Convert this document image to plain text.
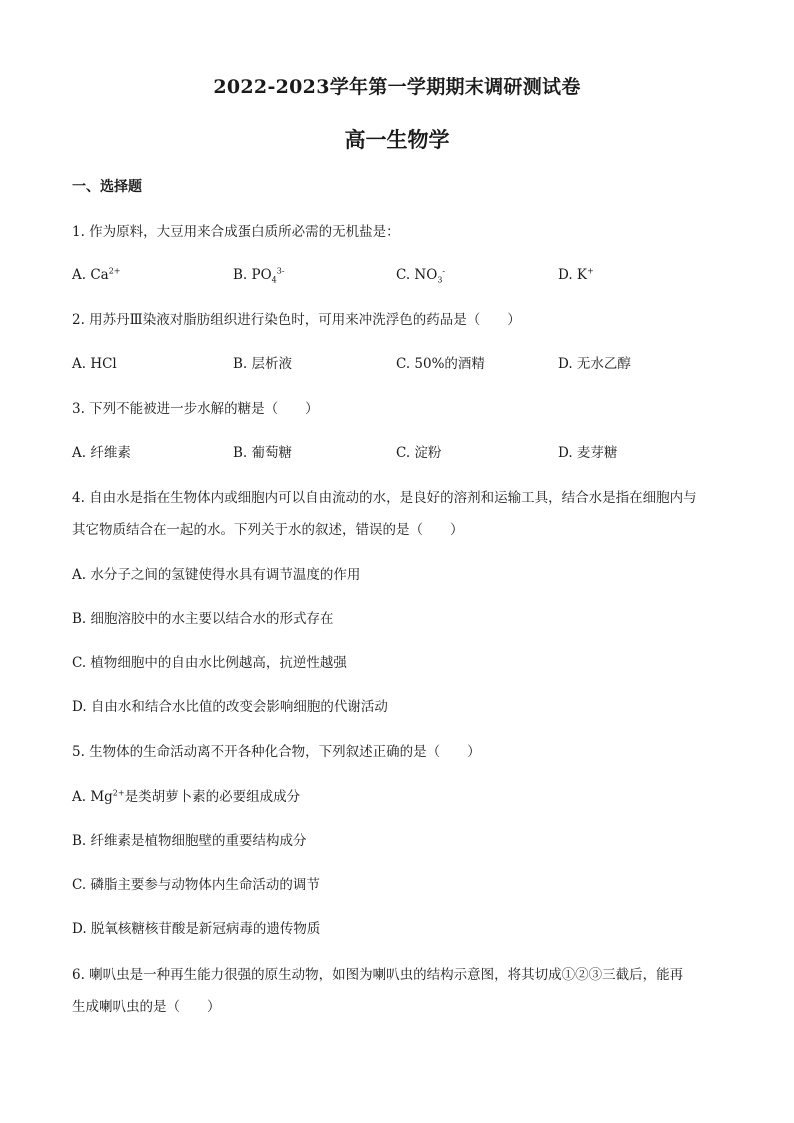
2022-2023学年第一学期期末调研测试卷
高一生物学
一、选择题
1. 作为原料，大豆用来合成蛋白质所必需的无机盐是：
A. $Ca^{2+}$	B. $PO_4^{3-}$	C. $NO_3^-$	D. K+
2. 用苏丹Ⅲ染液对脂肪组织进行染色时，可用来冲洗浮色的药品是（　　）
A. HCl	B. 层析液	C. 50%的酒精	D. 无水乙醇
3. 下列不能被进一步水解的糖是（　　）
A. 纤维素	B. 葡萄糖	C. 淀粉	D. 麦芽糖
4. 自由水是指在生物体内或细胞内可以自由流动的水，是良好的溶剂和运输工具，结合水是指在细胞内与
其它物质结合在一起的水。下列关于水的叙述，错误的是（　　）
A. 水分子之间的氢键使得水具有调节温度的作用
B. 细胞溶胶中的水主要以结合水的形式存在
C. 植物细胞中的自由水比例越高，抗逆性越强
D. 自由水和结合水比值的改变会影响细胞的代谢活动
5. 生物体的生命活动离不开各种化合物，下列叙述正确的是（　　）
A. $Mg^{2+}$是类胡萝卜素的必要组成成分
B. 纤维素是植物细胞壁的重要结构成分
C. 磷脂主要参与动物体内生命活动的调节
D. 脱氧核糖核苷酸是新冠病毒的遗传物质
6. 喇叭虫是一种再生能力很强的原生动物，如图为喇叭虫的结构示意图，将其切成①②③三截后，能再
生成喇叭虫的是（　　）
